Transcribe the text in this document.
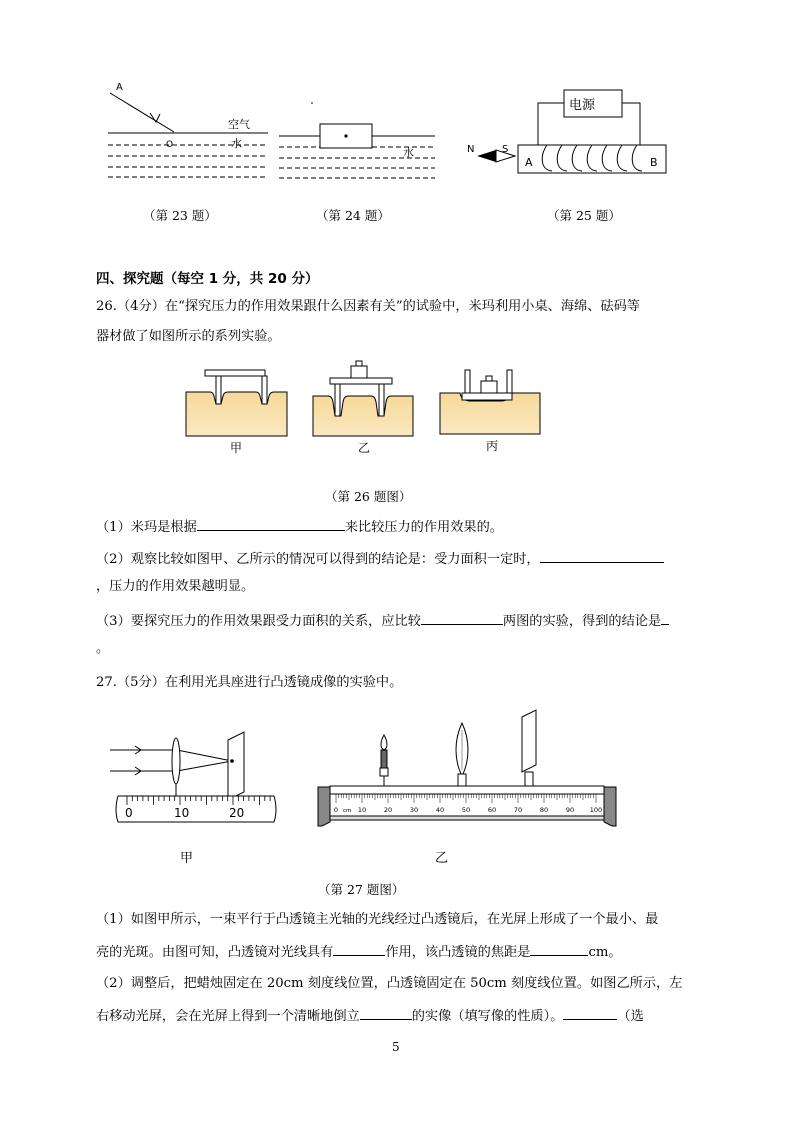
A
O
空气
水
水
电源
N	S
A	B
（第 23 题）	（第 24 题）	（第 25 题）
四、探究题（每空 1 分，共 20 分）
26.（4分）在“探究压力的作用效果跟什么因素有关”的试验中，米玛利用小桌、海绵、砝码等
器材做了如图所示的系列实验。
甲	乙	丙
（第 26 题图）
（1）米玛是根据	来比较压力的作用效果的。
（2）观察比较如图甲、乙所示的情况可以得到的结论是：受力面积一定时，
，压力的作用效果越明显。
（3）要探究压力的作用效果跟受力面积的关系，应比较	两图的实验，得到的结论是
。
27.（5分）在利用光具座进行凸透镜成像的实验中。
0	10	20	0	10	20	30	40	50	60	70	80	90 100
cm
甲	乙
（第 27 题图）
（1）如图甲所示，一束平行于凸透镜主光轴的光线经过凸透镜后，在光屏上形成了一个最小、最
亮的光斑。由图可知，凸透镜对光线具有	作用，该凸透镜的焦距是	cm。
（2）调整后，把蜡烛固定在 20cm 刻度线位置，凸透镜固定在 50cm 刻度线位置。如图乙所示，左
右移动光屏，会在光屏上得到一个清晰地倒立	的实像（填写像的性质）。	（选
5
